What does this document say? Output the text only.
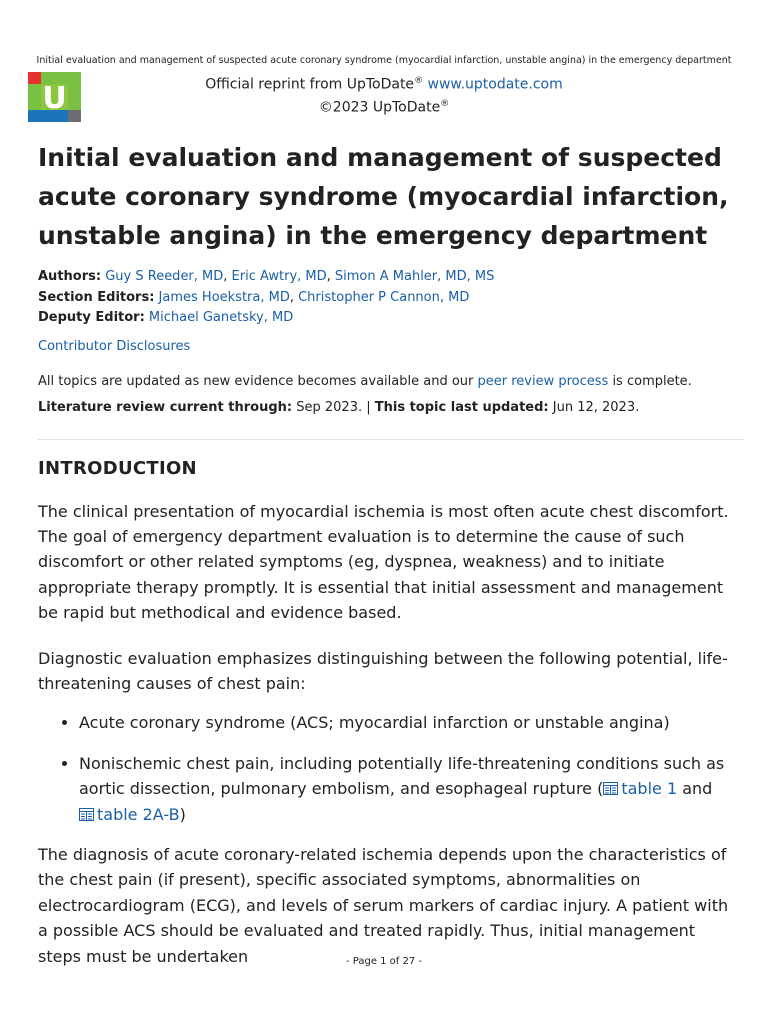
Initial evaluation and management of suspected acute coronary syndrome (myocardial infarction, unstable angina) in the emergency department
U	Official reprint from UpToDate® www.uptodate.com
©2023 UpToDate®
Initial evaluation and management of suspected acute coronary syndrome (myocardial infarction, unstable angina) in the emergency department
Authors: Guy S Reeder, MD, Eric Awtry, MD, Simon A Mahler, MD, MS
Section Editors: James Hoekstra, MD, Christopher P Cannon, MD
Deputy Editor: Michael Ganetsky, MD
Contributor Disclosures
All topics are updated as new evidence becomes available and our peer review process is complete.
Literature review current through: Sep 2023. | This topic last updated: Jun 12, 2023.
INTRODUCTION

The clinical presentation of myocardial ischemia is most often acute chest discomfort. The goal of emergency department evaluation is to determine the cause of such discomfort or other related symptoms (eg, dyspnea, weakness) and to initiate appropriate therapy promptly. It is essential that initial assessment and management be rapid but methodical and evidence based.

Diagnostic evaluation emphasizes distinguishing between the following potential, life-threatening causes of chest pain:

• Acute coronary syndrome (ACS; myocardial infarction or unstable angina)
• Nonischemic chest pain, including potentially life-threatening conditions such as aortic dissection, pulmonary embolism, and esophageal rupture ( table 1 and
table 2A-B)

The diagnosis of acute coronary-related ischemia depends upon the characteristics of the chest pain (if present), specific associated symptoms, abnormalities on electrocardiogram (ECG), and levels of serum markers of cardiac injury. A patient with a possible ACS should be evaluated and treated rapidly. Thus, initial management steps must be undertaken	- Page 1 of 27 -
